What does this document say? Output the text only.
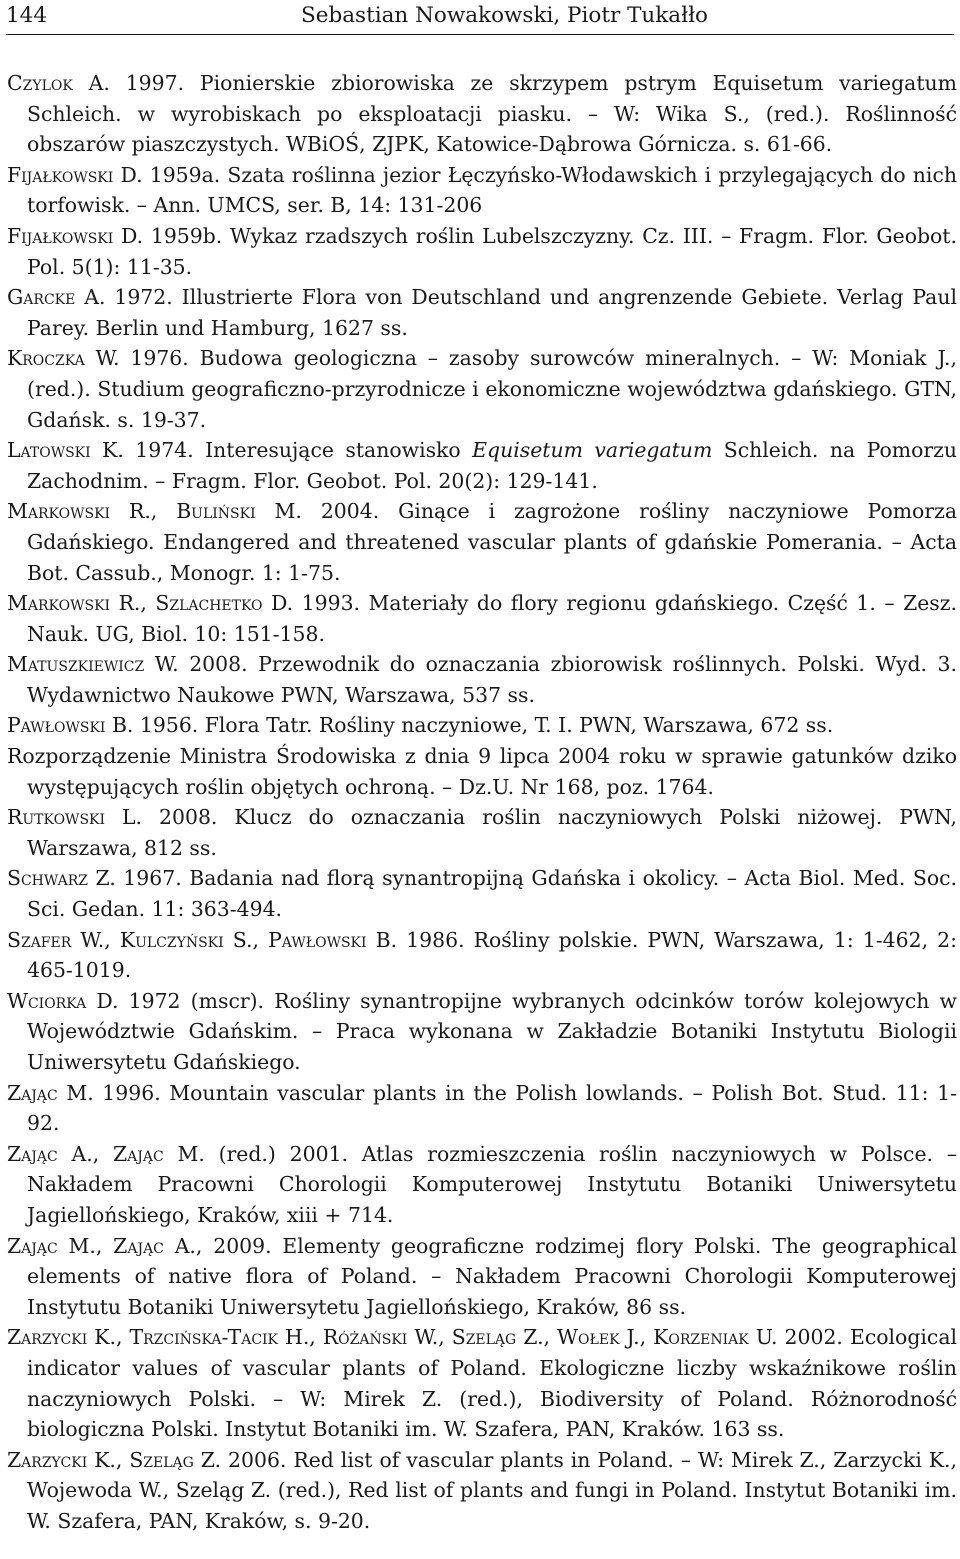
144	Sebastian Nowakowski, Piotr Tukałło

Czylok A. 1997. Pionierskie zbiorowiska ze skrzypem pstrym Equisetum variegatum Schleich. w wyrobiskach po eksploatacji piasku. – W: Wika S., (red.). Roślinność obszarów piaszczystych. WBiOŚ, ZJPK, Katowice-Dąbrowa Górnicza. s. 61-66.

Fijałkowski D. 1959a. Szata roślinna jezior Łęczyńsko-Włodawskich i przylegających do nich torfowisk. – Ann. UMCS, ser. B, 14: 131-206

Fijałkowski D. 1959b. Wykaz rzadszych roślin Lubelszczyzny. Cz. III. – Fragm. Flor. Geobot. Pol. 5(1): 11-35.

Garcke A. 1972. Illustrierte Flora von Deutschland und angrenzende Gebiete. Verlag Paul Parey. Berlin und Hamburg, 1627 ss.

Kroczka W. 1976. Budowa geologiczna – zasoby surowców mineralnych. – W: Moniak J., (red.). Studium geograficzno-przyrodnicze i ekonomiczne województwa gdańskiego. GTN, Gdańsk. s. 19-37.

Latowski K. 1974. Interesujące stanowisko Equisetum variegatum Schleich. na Pomorzu Zachodnim. – Fragm. Flor. Geobot. Pol. 20(2): 129-141.

Markowski R., Buliński M. 2004. Ginące i zagrożone rośliny naczyniowe Pomorza Gdańskiego. Endangered and threatened vascular plants of gdańskie Pomerania. – Acta Bot. Cassub., Monogr. 1: 1-75.

Markowski R., Szlachetko D. 1993. Materiały do flory regionu gdańskiego. Część 1. – Zesz. Nauk. UG, Biol. 10: 151-158.

Matuszkiewicz W. 2008. Przewodnik do oznaczania zbiorowisk roślinnych. Polski. Wyd. 3. Wydawnictwo Naukowe PWN, Warszawa, 537 ss.

Pawłowski B. 1956. Flora Tatr. Rośliny naczyniowe, T. I. PWN, Warszawa, 672 ss.

Rozporządzenie Ministra Środowiska z dnia 9 lipca 2004 roku w sprawie gatunków dziko występujących roślin objętych ochroną. – Dz.U. Nr 168, poz. 1764.

Rutkowski L. 2008. Klucz do oznaczania roślin naczyniowych Polski niżowej. PWN, Warszawa, 812 ss.

Schwarz Z. 1967. Badania nad florą synantropijną Gdańska i okolicy. – Acta Biol. Med. Soc. Sci. Gedan. 11: 363-494.

Szafer W., Kulczyński S., Pawłowski B. 1986. Rośliny polskie. PWN, Warszawa, 1: 1-462, 2: 465-1019.

Wciorka D. 1972 (mscr). Rośliny synantropijne wybranych odcinków torów kolejowych w Województwie Gdańskim. – Praca wykonana w Zakładzie Botaniki Instytutu Biologii Uniwersytetu Gdańskiego.

Zając M. 1996. Mountain vascular plants in the Polish lowlands. – Polish Bot. Stud. 11: 1-92.

Zając A., Zając M. (red.) 2001. Atlas rozmieszczenia roślin naczyniowych w Polsce. – Nakładem Pracowni Chorologii Komputerowej Instytutu Botaniki Uniwersytetu Jagiellońskiego, Kraków, xiii + 714.

Zając M., Zając A., 2009. Elementy geograficzne rodzimej flory Polski. The geographical elements of native flora of Poland. – Nakładem Pracowni Chorologii Komputerowej Instytutu Botaniki Uniwersytetu Jagiellońskiego, Kraków, 86 ss.

Zarzycki K., Trzcińska-Tacik H., Różański W., Szeląg Z., Wołek J., Korzeniak U. 2002. Ecological indicator values of vascular plants of Poland. Ekologiczne liczby wskaźnikowe roślin naczyniowych Polski. – W: Mirek Z. (red.), Biodiversity of Poland. Różnorodność biologiczna Polski. Instytut Botaniki im. W. Szafera, PAN, Kraków. 163 ss.

Zarzycki K., Szeląg Z. 2006. Red list of vascular plants in Poland. – W: Mirek Z., Zarzycki K., Wojewoda W., Szeląg Z. (red.), Red list of plants and fungi in Poland. Instytut Botaniki im. W. Szafera, PAN, Kraków, s. 9-20.
